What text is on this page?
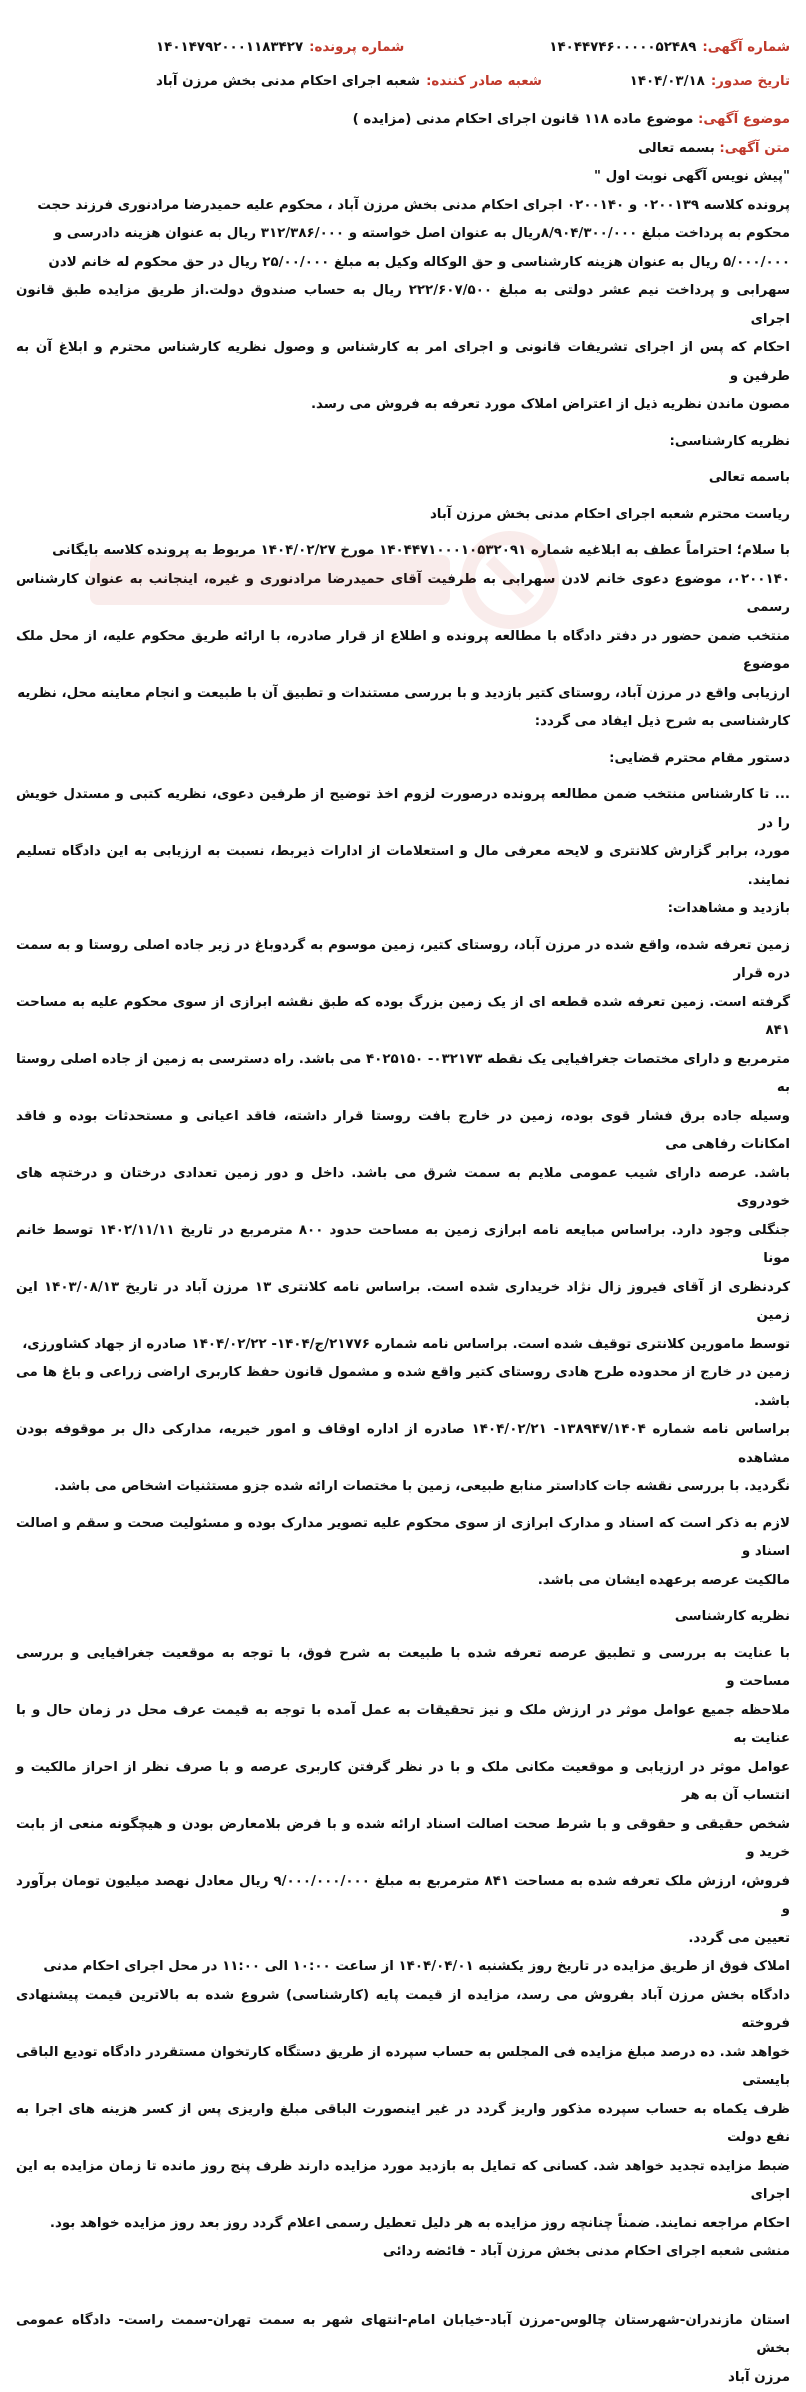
شماره آگهی:
۱۴۰۴۴۷۴۶۰۰۰۰۰۵۲۴۸۹
شماره پرونده:
۱۴۰۱۴۷۹۲۰۰۰۱۱۸۳۴۲۷
تاریخ صدور:
۱۴۰۴/۰۳/۱۸
شعبه صادر کننده:
شعبه اجرای احکام مدنی بخش مرزن آباد
موضوع آگهی: موضوع ماده ۱۱۸ قانون اجرای احکام مدنی (مزایده )
متن آگهی: بسمه تعالی
"پیش نویس آگهی نوبت اول "

پرونده کلاسه ۰۲۰۰۱۳۹ و ۰۲۰۰۱۴۰ اجرای احکام مدنی بخش مرزن آباد ، محکوم علیه حمیدرضا مرادنوری فرزند حجت

محکوم به پرداخت مبلغ ۸/۹۰۴/۳۰۰/۰۰۰ریال به عنوان اصل خواسته و ۳۱۲/۳۸۶/۰۰۰ ریال به عنوان هزینه دادرسی و

۵/۰۰۰/۰۰۰ ریال به عنوان هزینه کارشناسی و حق الوکاله وکیل به مبلغ ۲۵/۰۰/۰۰۰ ریال در حق محکوم له خانم لادن

سهرابی و پرداخت نیم عشر دولتی به مبلغ ۲۲۲/۶۰۷/۵۰۰ ریال به حساب صندوق دولت.از طریق مزایده طبق قانون اجرای

احکام که پس از اجرای تشریفات قانونی و اجرای امر به کارشناس و وصول نظریه کارشناس محترم و ابلاغ آن به طرفین و

مصون ماندن نظریه ذیل از اعتراض املاک مورد تعرفه به فروش می رسد.

نظریه کارشناسی:
باسمه تعالی
ریاست محترم شعبه اجرای احکام مدنی بخش مرزن آباد

با سلام؛ احتراماً عطف به ابلاغیه شماره ۱۴۰۴۴۷۱۰۰۰۱۰۵۳۲۰۹۱ مورخ ۱۴۰۴/۰۲/۲۷ مربوط به پرونده کلاسه بایگانی

۰۲۰۰۱۴۰، موضوع دعوی خانم لادن سهرابی به طرفیت آقای حمیدرضا مرادنوری و غیره، اینجانب به عنوان کارشناس رسمی

منتخب ضمن حضور در دفتر دادگاه با مطالعه پرونده و اطلاع از قرار صادره، با ارائه طریق محکوم علیه، از محل ملک موضوع

ارزیابی واقع در مرزن آباد، روستای کتیر بازدید و با بررسی مستندات و تطبیق آن با طبیعت و انجام معاینه محل، نظریه

کارشناسی به شرح ذیل ایفاد می گردد:

دستور مقام محترم قضایی:

... تا کارشناس منتخب ضمن مطالعه پرونده درصورت لزوم اخذ توضیح از طرفین دعوی، نظریه کتبی و مستدل خویش را در

مورد، برابر گزارش کلانتری و لایحه معرفی مال و استعلامات از ادارات ذیربط، نسبت به ارزیابی به این دادگاه تسلیم نمایند.

بازدید و مشاهدات:

زمین تعرفه شده، واقع شده در مرزن آباد، روستای کتیر، زمین موسوم به گردوباغ در زیر جاده اصلی روستا و به سمت دره قرار

گرفته است. زمین تعرفه شده قطعه ای از یک زمین بزرگ بوده که طبق نقشه ابرازی از سوی محکوم علیه به مساحت ۸۴۱

مترمربع و دارای مختصات جغرافیایی یک نقطه ۰۳۲۱۷۳- ۴۰۲۵۱۵۰ می باشد. راه دسترسی به زمین از جاده اصلی روستا به

وسیله جاده برق فشار قوی بوده، زمین در خارج بافت روستا قرار داشته، فاقد اعیانی و مستحدثات بوده و فاقد امکانات رفاهی می

باشد. عرصه دارای شیب عمومی ملایم به سمت شرق می باشد. داخل و دور زمین تعدادی درختان و درختچه های خودروی

جنگلی وجود دارد. براساس مبایعه نامه ابرازی زمین به مساحت حدود ۸۰۰ مترمربع در تاریخ ۱۴۰۲/۱۱/۱۱ توسط خانم مونا

کردنظری از آقای فیروز زال نژاد خریداری شده است. براساس نامه کلانتری ۱۳ مرزن آباد در تاریخ ۱۴۰۳/۰۸/۱۳ این زمین

توسط مامورین کلانتری توقیف شده است. براساس نامه شماره ۲۱۷۷۶/ج/۱۴۰۴- ۱۴۰۴/۰۲/۲۲ صادره از جهاد کشاورزی،

زمین در خارج از محدوده طرح هادی روستای کتیر واقع شده و مشمول قانون حفظ کاربری اراضی زراعی و باغ ها می باشد.

براساس نامه شماره ۱۳۸۹۴۷/۱۴۰۴- ۱۴۰۴/۰۲/۲۱ صادره از اداره اوقاف و امور خیریه، مدارکی دال بر موقوفه بودن مشاهده

نگردید. با بررسی نقشه جات کاداستر منابع طبیعی، زمین با مختصات ارائه شده جزو مستثنیات اشخاص می باشد.

لازم به ذکر است که اسناد و مدارک ابرازی از سوی محکوم علیه تصویر مدارک بوده و مسئولیت صحت و سقم و اصالت اسناد و

مالکیت عرصه برعهده ایشان می باشد.

نظریه کارشناسی

با عنایت به بررسی و تطبیق عرصه تعرفه شده با طبیعت به شرح فوق، با توجه به موقعیت جغرافیایی و بررسی مساحت و

ملاحظه جمیع عوامل موثر در ارزش ملک و نیز تحقیقات به عمل آمده با توجه به قیمت عرف محل در زمان حال و با عنایت به

عوامل موثر در ارزیابی و موقعیت مکانی ملک و با در نظر گرفتن کاربری عرصه و با صرف نظر از احراز مالکیت و انتساب آن به هر

شخص حقیقی و حقوقی و با شرط صحت اصالت اسناد ارائه شده و با فرض بلامعارض بودن و هیچگونه منعی از بابت خرید و

فروش، ارزش ملک تعرفه شده به مساحت ۸۴۱ مترمربع به مبلغ ۹/۰۰۰/۰۰۰/۰۰۰ ریال معادل نهصد میلیون تومان برآورد و

تعیین می گردد.

املاک فوق از طریق مزایده در تاریخ روز یکشنبه ۱۴۰۴/۰۴/۰۱ از ساعت ۱۰:۰۰ الی ۱۱:۰۰ در محل اجرای احکام مدنی

دادگاه بخش مرزن آباد بفروش می رسد، مزایده از قیمت پایه (کارشناسی) شروع شده به بالاترین قیمت پیشنهادی فروخته

خواهد شد. ده درصد مبلغ مزایده فی المجلس به حساب سپرده از طریق دستگاه کارتخوان مستقردر دادگاه تودیع الباقی بایستی

ظرف یکماه به حساب سپرده مذکور واریز گردد در غیر اینصورت الباقی مبلغ واریزی پس از کسر هزینه های اجرا به نفع دولت

ضبط مزایده تجدید خواهد شد. کسانی که تمایل به بازدید مورد مزایده دارند ظرف پنج روز مانده تا زمان مزایده به این اجرای

احکام مراجعه نمایند. ضمناً چنانچه روز مزایده به هر دلیل تعطیل رسمی اعلام گردد روز بعد روز مزایده خواهد بود.

منشی شعبه اجرای احکام مدنی بخش مرزن آباد - فائضه ردائی

استان مازندران-شهرستان چالوس-مرزن آباد-خیابان امام-انتهای شهر به سمت تهران-سمت راست- دادگاه عمومی بخش

مرزن آباد
